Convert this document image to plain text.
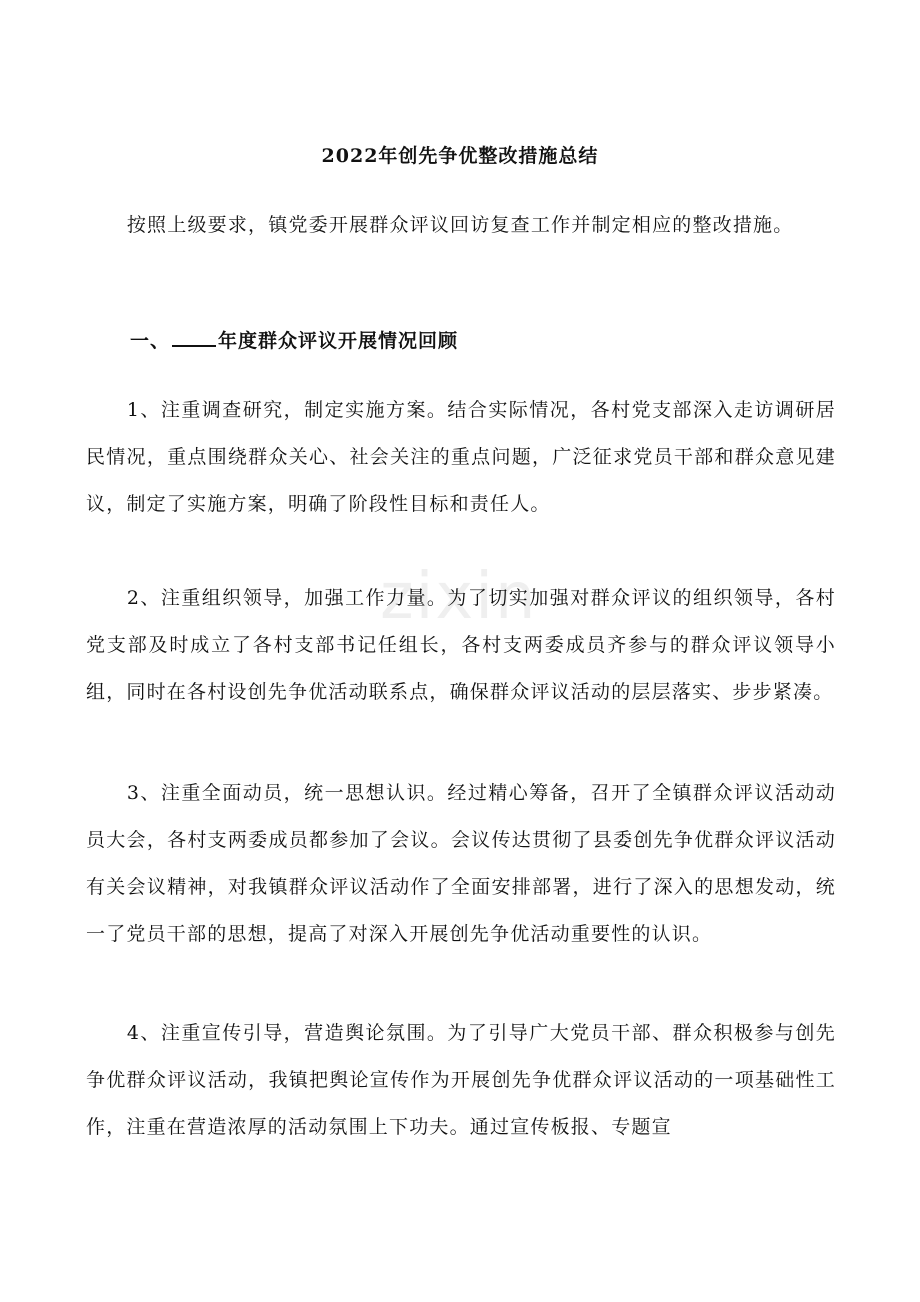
zixin
2022年创先争优整改措施总结

按照上级要求，镇党委开展群众评议回访复查工作并制定相应的整改措施。

一、	年度群众评议开展情况回顾

1、注重调查研究，制定实施方案。结合实际情况，各村党支部深入走访调研居民情况，重点围绕群众关心、社会关注的重点问题，广泛征求党员干部和群众意见建议，制定了实施方案，明确了阶段性目标和责任人。

2、注重组织领导，加强工作力量。为了切实加强对群众评议的组织领导，各村党支部及时成立了各村支部书记任组长，各村支两委成员齐参与的群众评议领导小组，同时在各村设创先争优活动联系点，确保群众评议活动的层层落实、步步紧凑。

3、注重全面动员，统一思想认识。经过精心筹备，召开了全镇群众评议活动动员大会，各村支两委成员都参加了会议。会议传达贯彻了县委创先争优群众评议活动有关会议精神，对我镇群众评议活动作了全面安排部署，进行了深入的思想发动，统一了党员干部的思想，提高了对深入开展创先争优活动重要性的认识。

4、注重宣传引导，营造舆论氛围。为了引导广大党员干部、群众积极参与创先争优群众评议活动，我镇把舆论宣传作为开展创先争优群众评议活动的一项基础性工作，注重在营造浓厚的活动氛围上下功夫。通过宣传板报、专题宣
